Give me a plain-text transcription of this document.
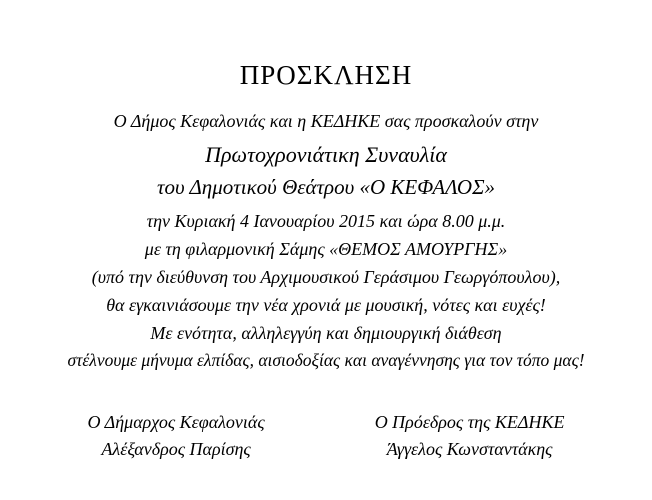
ΠΡΟΣΚΛΗΣΗ
Ο Δήμος Κεφαλονιάς και η ΚΕΔΗΚΕ σας προσκαλούν στην
Πρωτοχρονιάτικη Συναυλία
του Δημοτικού Θεάτρου «Ο ΚΕΦΑΛΟΣ»
την Κυριακή 4 Ιανουαρίου 2015 και ώρα 8.00 μ.μ.
με τη φιλαρμονική Σάμης «ΘΕΜΟΣ ΑΜΟΥΡΓΗΣ»
(υπό την διεύθυνση του Αρχιμουσικού Γεράσιμου Γεωργόπουλου),
θα εγκαινιάσουμε την νέα χρονιά με μουσική, νότες και ευχές!
Με ενότητα, αλληλεγγύη και δημιουργική διάθεση
στέλνουμε μήνυμα ελπίδας, αισιοδοξίας και αναγέννησης για τον τόπο μας!
Ο Δήμαρχος Κεφαλονιάς
Αλέξανδρος Παρίσης
Ο Πρόεδρος της ΚΕΔΗΚΕ
Άγγελος Κωνσταντάκης
